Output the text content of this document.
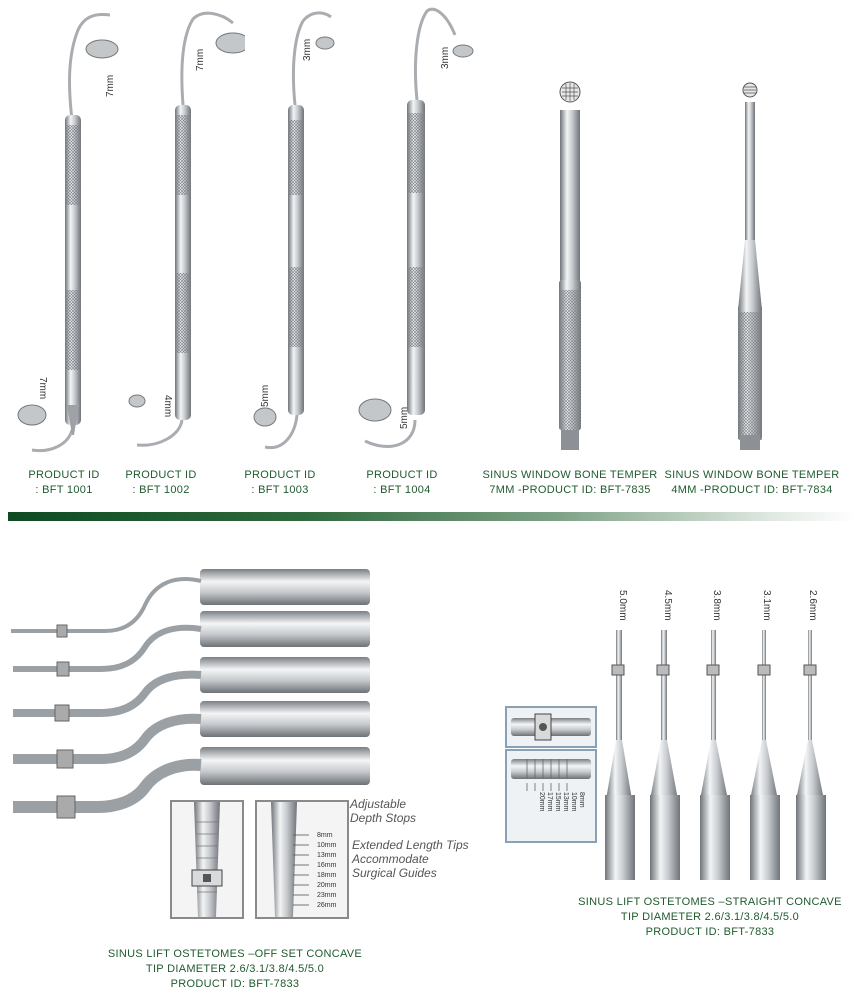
7mm
7mm
7mm
4mm
3mm
5mm
3mm
5mm
PRODUCT ID
: BFT 1001
PRODUCT ID
: BFT 1002
PRODUCT ID
: BFT 1003
PRODUCT ID
: BFT 1004
SINUS WINDOW BONE TEMPER
7MM -PRODUCT ID: BFT-7835
SINUS WINDOW BONE TEMPER
4MM -PRODUCT ID: BFT-7834
8mm
10mm
13mm
16mm
18mm
20mm
23mm
26mm
Adjustable
Depth Stops
Extended Length Tips
Accommodate
Surgical Guides
SINUS LIFT OSTETOMES –OFF SET CONCAVE
TIP DIAMETER 2.6/3.1/3.8/4.5/5.0
PRODUCT ID: BFT-7833
5.0mm	4.5mm	3.8mm	3.1mm	2.6mm
8mm
10mm
13mm
15mm
17mm
20mm
SINUS LIFT OSTETOMES –STRAIGHT CONCAVE
TIP DIAMETER 2.6/3.1/3.8/4.5/5.0
PRODUCT ID: BFT-7833
